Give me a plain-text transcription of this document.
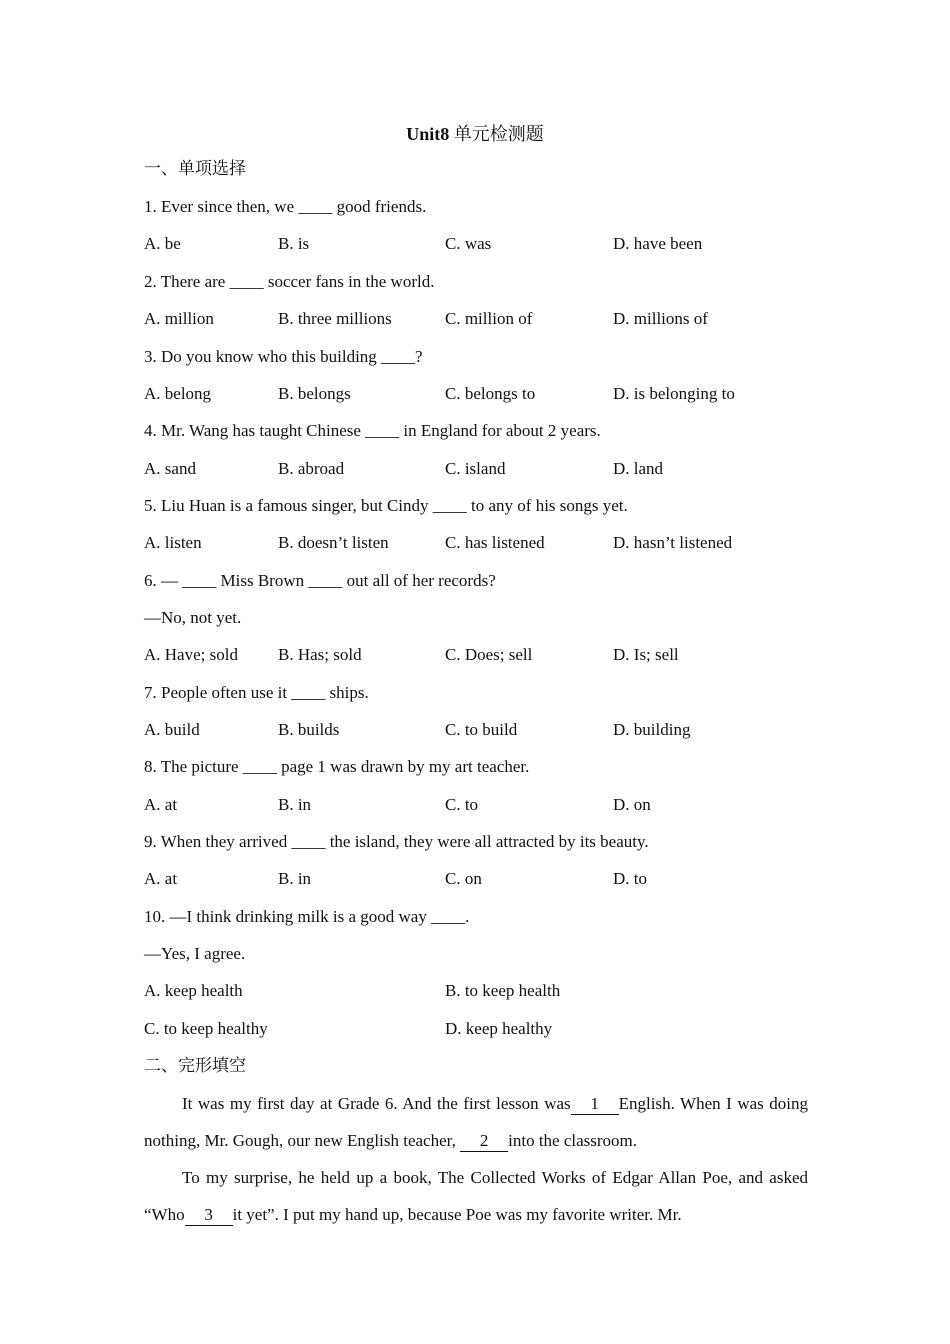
Unit8 单元检测题
一、单项选择
1. Ever since then, we ____ good friends.
A. be	B. is	C. was	D. have been
2. There are ____ soccer fans in the world.
A. million	B. three millions	C. million of	D. millions of
3. Do you know who this building ____?
A. belong	B. belongs	C. belongs to	D. is belonging to
4. Mr. Wang has taught Chinese ____ in England for about 2 years.
A. sand	B. abroad	C. island	D. land
5. Liu Huan is a famous singer, but Cindy ____ to any of his songs yet.
A. listen	B. doesn’t listen	C. has listened	D. hasn’t listened
6. — ____ Miss Brown ____ out all of her records?
—No, not yet.
A. Have; sold B. Has; sold	C. Does; sell	D. Is; sell
7. People often use it ____ ships.
A. build	B. builds	C. to build	D. building
8. The picture ____ page 1 was drawn by my art teacher.
A. at	B. in	C. to	D. on
9. When they arrived ____ the island, they were all attracted by its beauty.
A. at	B. in	C. on	D. to
10. —I think drinking milk is a good way ____.
—Yes, I agree.
A. keep health	B. to keep health
C. to keep healthy	D. keep healthy
二、完形填空
It was my first day at Grade 6. And the first lesson was 1 English. When I was doing nothing, Mr. Gough, our new English teacher, 2 into the classroom.
To my surprise, he held up a book, The Collected Works of Edgar Allan Poe, and asked “Who 3 it yet”. I put my hand up, because Poe was my favorite writer. Mr.
